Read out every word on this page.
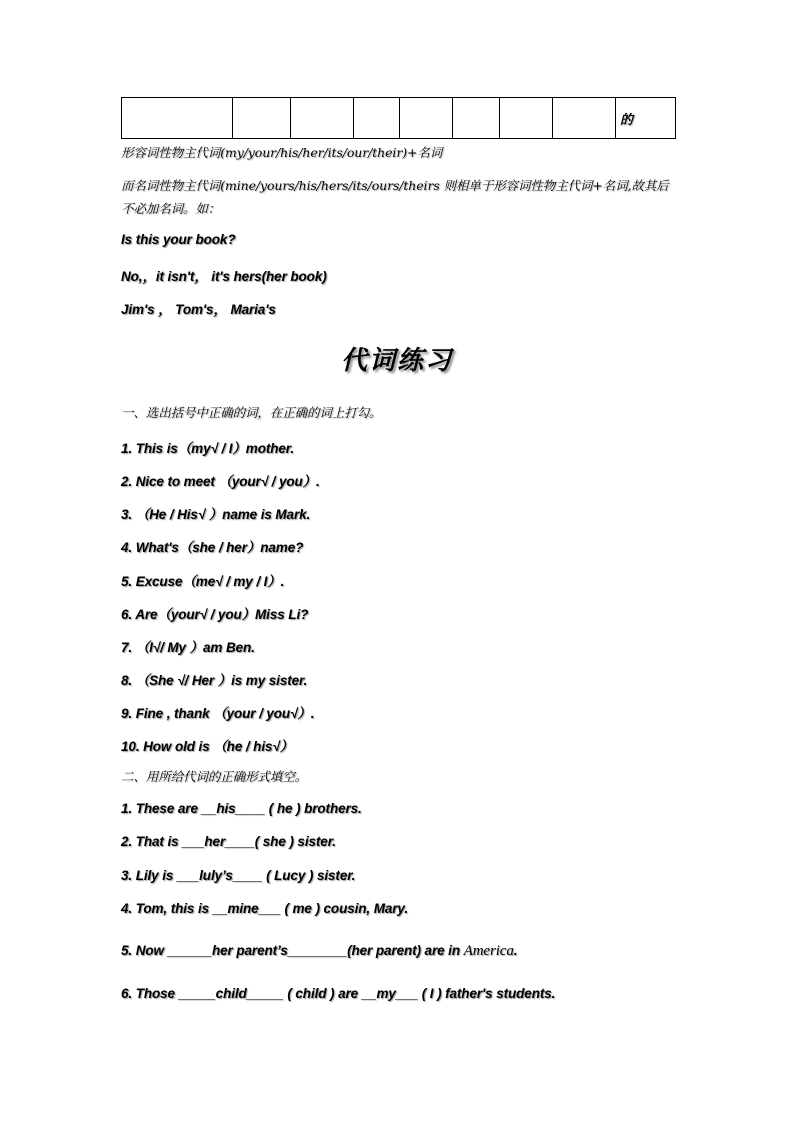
								的
形容词性物主代词(my/your/his/her/its/our/their)+名词
而名词性物主代词(mine/yours/his/hers/its/ours/theirs 则相单于形容词性物主代词+名词,故其后不必加名词。如：
Is this your book?
No,，it isn't， it's hers(her book)
Jim's ， Tom's， Maria's
代词练习
一、选出括号中正确的词，在正确的词上打勾。
1. This is（my√ / I）mother.
2. Nice to meet （your√ / you）.
3. （He / His√ ）name is Mark.
4. What's（she / her）name?
5. Excuse（me√ / my / I）.
6. Are（your√ / you）Miss Li?
7. （I√/ My ）am Ben.
8. （She √/ Her ）is my sister.
9. Fine , thank （your / you√）.
10. How old is （he / his√）
二、用所给代词的正确形式填空。
1. These are __his____ ( he ) brothers.
2. That is ___her____( she ) sister.
3. Lily is ___luly’s____ ( Lucy ) sister.
4. Tom, this is __mine___ ( me ) cousin, Mary.
5. Now ______her parent’s________(her parent) are in America.
6. Those _____child_____ ( child ) are __my___ ( I ) father's students.
